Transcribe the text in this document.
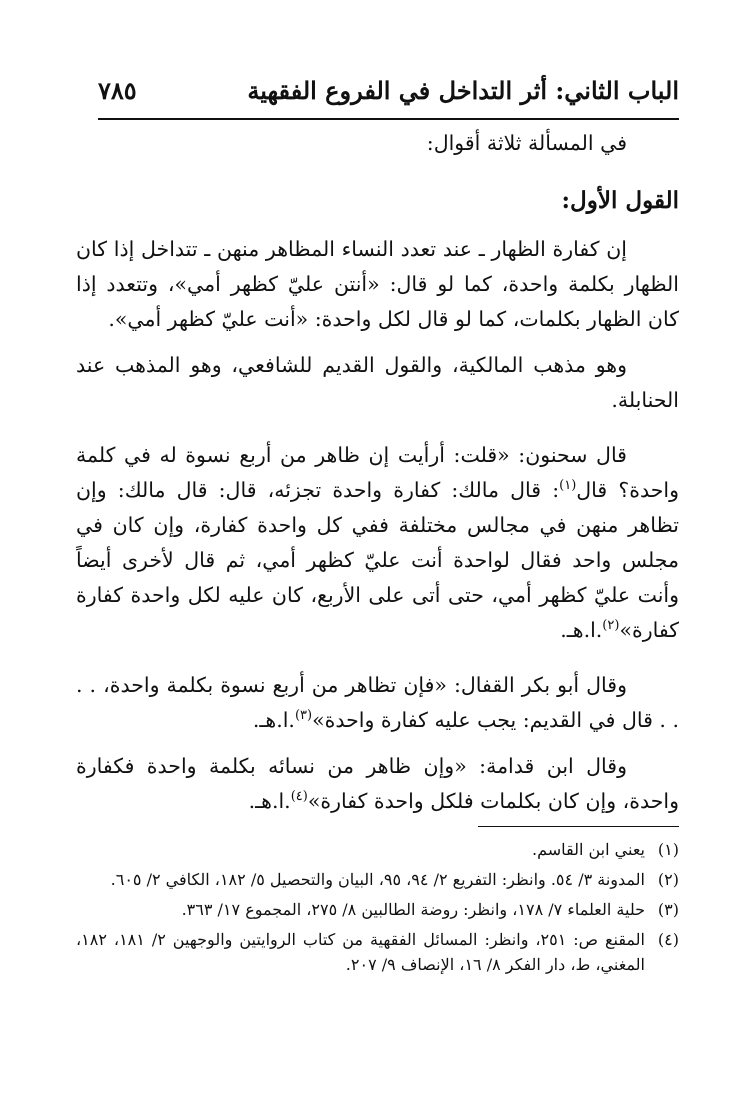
الباب الثاني: أثر التداخل في الفروع الفقهية
٧٨٥

في المسألة ثلاثة أقوال:

القول الأول:

إن كفارة الظهار ـ عند تعدد النساء المظاهر منهن ـ تتداخل إذا كان الظهار بكلمة واحدة، كما لو قال: «أنتن عليّ كظهر أمي»، وتتعدد إذا كان الظهار بكلمات، كما لو قال لكل واحدة: «أنت عليّ كظهر أمي».

وهو مذهب المالكية، والقول القديم للشافعي، وهو المذهب عند الحنابلة.

قال سحنون: «قلت: أرأيت إن ظاهر من أربع نسوة له في كلمة واحدة؟ قال$^{(١)}$: قال مالك: كفارة واحدة تجزئه، قال: قال مالك: وإن تظاهر منهن في مجالس مختلفة ففي كل واحدة كفارة، وإن كان في مجلس واحد فقال لواحدة أنت عليّ كظهر أمي، ثم قال لأخرى أيضاً وأنت عليّ كظهر أمي، حتى أتى على الأربع، كان عليه لكل واحدة كفارة كفارة»$^{(٢)}$.ا.هـ.

وقال أبو بكر القفال: «فإن تظاهر من أربع نسوة بكلمة واحدة، . . . . قال في القديم: يجب عليه كفارة واحدة»$^{(٣)}$.ا.هـ.

وقال ابن قدامة: «وإن ظاهر من نسائه بكلمة واحدة فكفارة واحدة، وإن كان بكلمات فلكل واحدة كفارة»$^{(٤)}$.ا.هـ.

(١)
يعني ابن القاسم.
(٢)
المدونة ٣/ ٥٤. وانظر: التفريع ٢/ ٩٤، ٩٥، البيان والتحصيل ٥/ ١٨٢، الكافي ٢/ ٦٠٥.
(٣)
حلية العلماء ٧/ ١٧٨، وانظر: روضة الطالبين ٨/ ٢٧٥، المجموع ١٧/ ٣٦٣.
(٤)
المقنع ص: ٢٥١، وانظر: المسائل الفقهية من كتاب الروايتين والوجهين ٢/ ١٨١، ١٨٢، المغني، ط، دار الفكر ٨/ ١٦، الإنصاف ٩/ ٢٠٧.
